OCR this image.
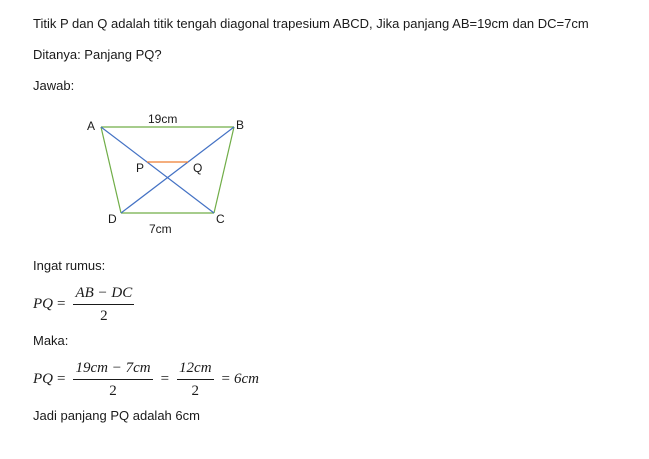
Titik P dan Q adalah titik tengah diagonal trapesium ABCD, Jika panjang AB=19cm dan DC=7cm
Ditanya: Panjang PQ?
Jawab:
A	B
C
D
P	Q
19cm
7cm
Ingat rumus:
PQ = $\frac{AB - DC}{2}$
Maka:
PQ = $\frac{19cm - 7cm}{2} = \frac{12cm}{2} = 6cm$
Jadi panjang PQ adalah 6cm
